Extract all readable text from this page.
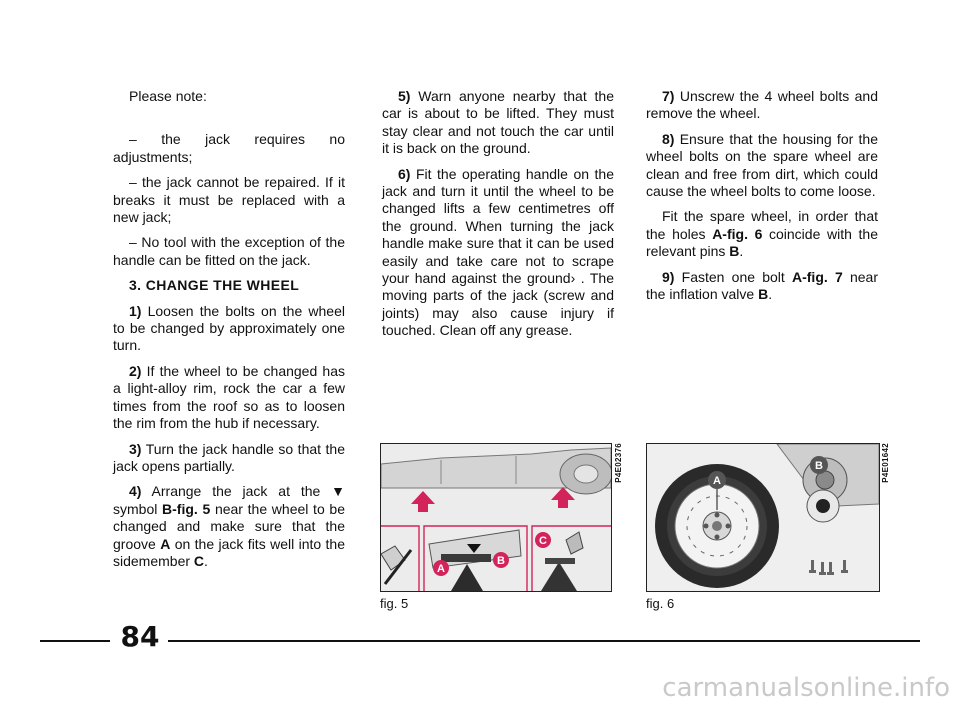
Please note:

– the jack requires no adjustments;

– the jack cannot be repaired. If it breaks it must be replaced with a new jack;

– No tool with the exception of the handle can be fitted on the jack.

3. CHANGE THE WHEEL

1) Loosen the bolts on the wheel to be changed by approximately one turn.

2) If the wheel to be changed has a light-alloy rim, rock the car a few times from the roof so as to loosen the rim from the hub if necessary.

3) Turn the jack handle so that the jack opens partially.

4) Arrange the jack at the ▼ symbol B-fig. 5 near the wheel to be changed and make sure that the groove A on the jack fits well into the sidemember C.

5) Warn anyone nearby that the car is about to be lifted. They must stay clear and not touch the car until it is back on the ground.

6) Fit the operating handle on the jack and turn it until the wheel to be changed lifts a few centimetres off the ground. When turning the jack handle make sure that it can be used easily and take care not to scrape your hand against the ground› . The moving parts of the jack (screw and joints) may also cause injury if touched. Clean off any grease.

7) Unscrew the 4 wheel bolts and remove the wheel.

8) Ensure that the housing for the wheel bolts on the spare wheel are clean and free from dirt, which could cause the wheel bolts to come loose.

Fit the spare wheel, in order that the holes A-fig. 6 coincide with the relevant pins B.

9) Fasten one bolt A-fig. 7 near the inflation valve B.

A
B
C
P4E02376
fig. 5
A
B	P4E01642
fig. 6
84
carmanualsonline.info
